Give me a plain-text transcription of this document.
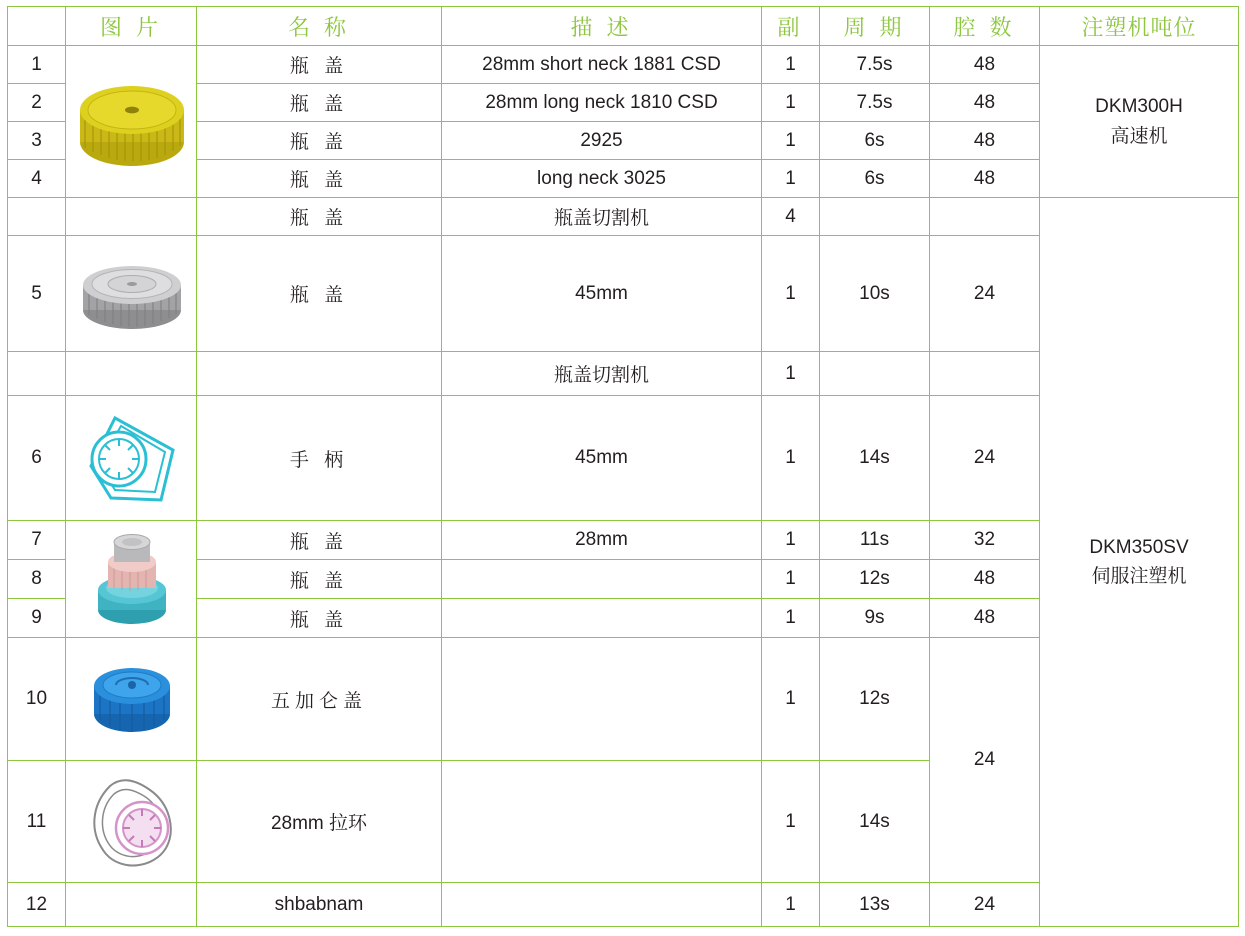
	图 片	名 称	描 述	副	周 期	腔 数	注塑机吨位
1		瓶 盖	28mm short neck 1881 CSD	1	7.5s	48	DKM300H
高速机

2		瓶 盖	28mm long neck 1810 CSD	1	7.5s	48	
3		瓶 盖	2925	1	6s	48	
4		瓶 盖	long neck 3025	1	6s	48	
		瓶 盖	瓶盖切割机	4			DKM350SV
伺服注塑机

5		瓶 盖	45mm	1	10s	24	
			瓶盖切割机	1			
6		手 柄	45mm	1	14s	24	
7		瓶 盖	28mm	1	11s	32	
8		瓶 盖		1	12s	48	
9		瓶 盖		1	9s	48	
10		五加仑盖		1	12s	24	
11		28mm 拉环		1	14s		
12		shbabnam		1	13s	24	
